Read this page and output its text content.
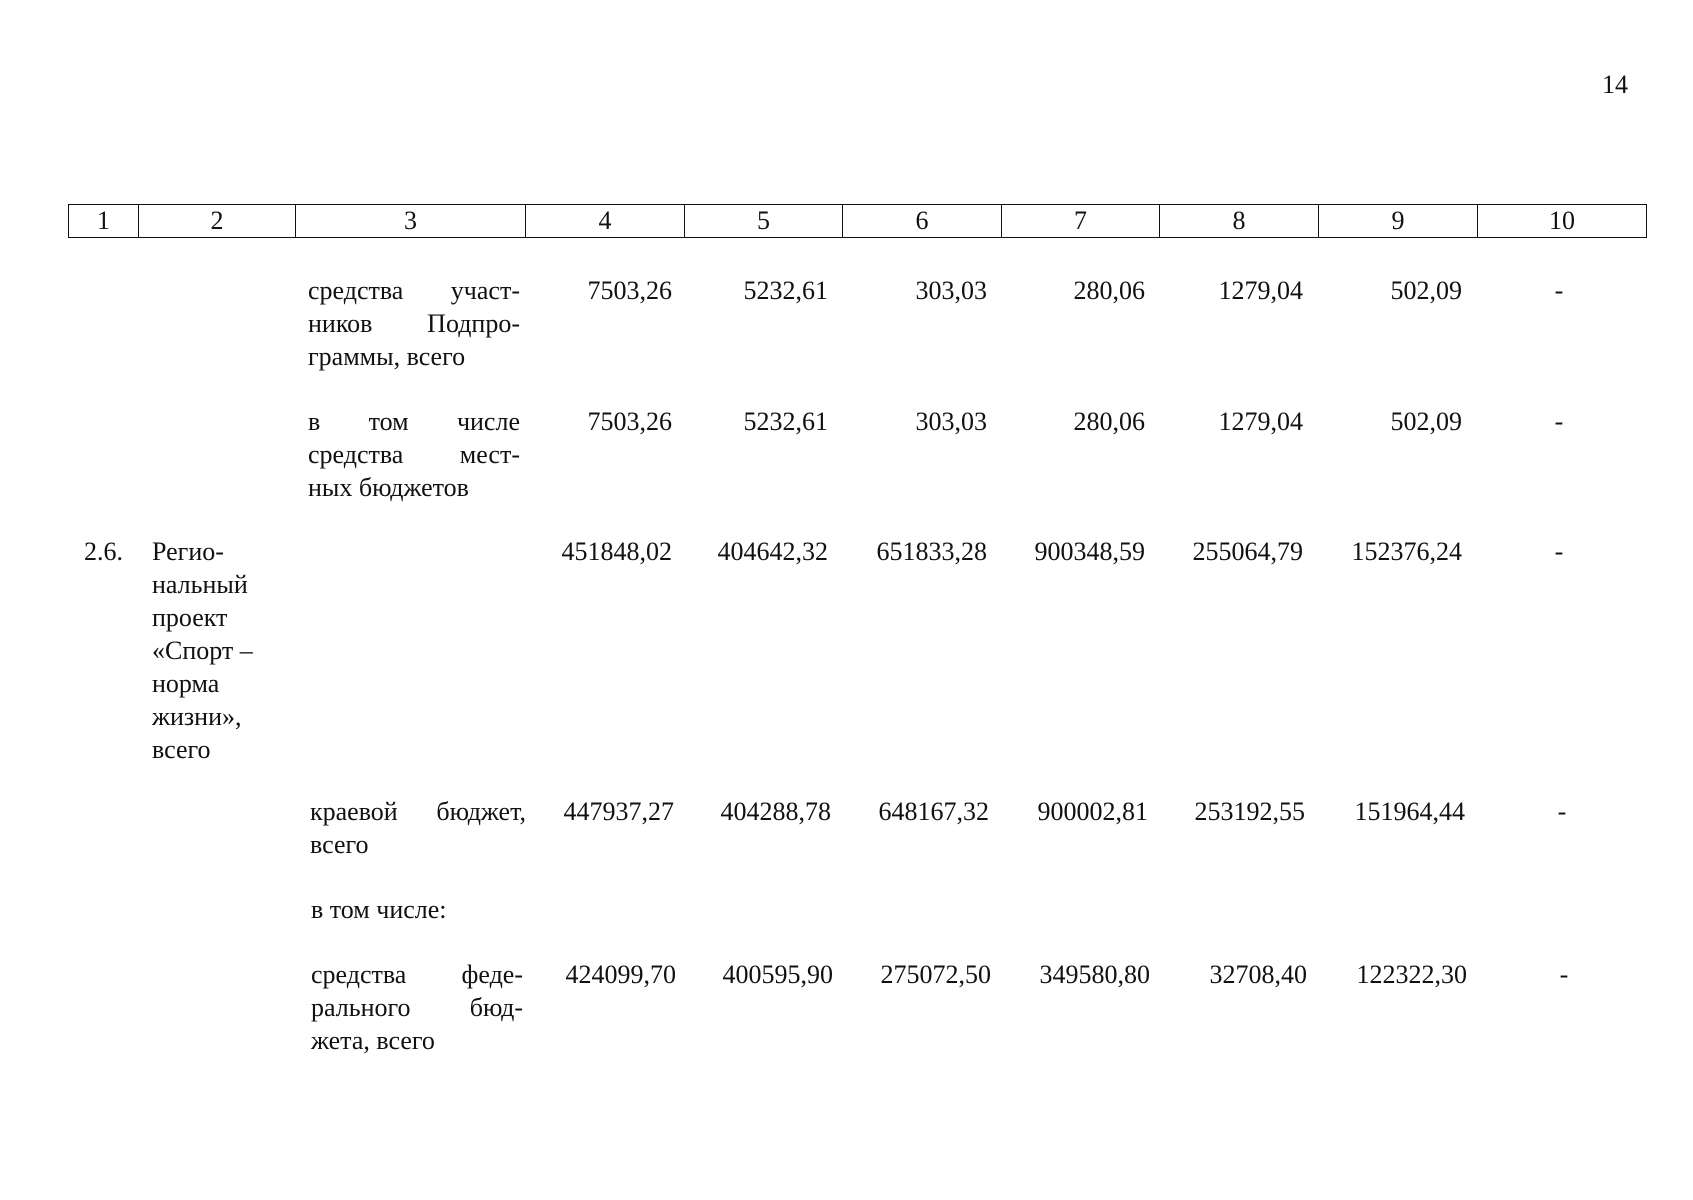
14
1	2	3	4	5	6	7	8	9	10
средства участ-
ников Подпро-
граммы, всего
7503,26	5232,61	303,03	280,06	1279,04	502,09	-
в том числе
средства мест-
ных бюджетов
7503,26	5232,61	303,03	280,06	1279,04	502,09	-
2.6. Регио-
нальный
проект
«Спорт –
норма
жизни»,
всего
451848,02 404642,32 651833,28 900348,59 255064,79 152376,24	-
краевой бюджет,
всего
447937,27 404288,78 648167,32 900002,81 253192,55 151964,44	-
в том числе:
средства феде-
рального бюд-
жета, всего
424099,70 400595,90 275072,50 349580,80 32708,40 122322,30	-
